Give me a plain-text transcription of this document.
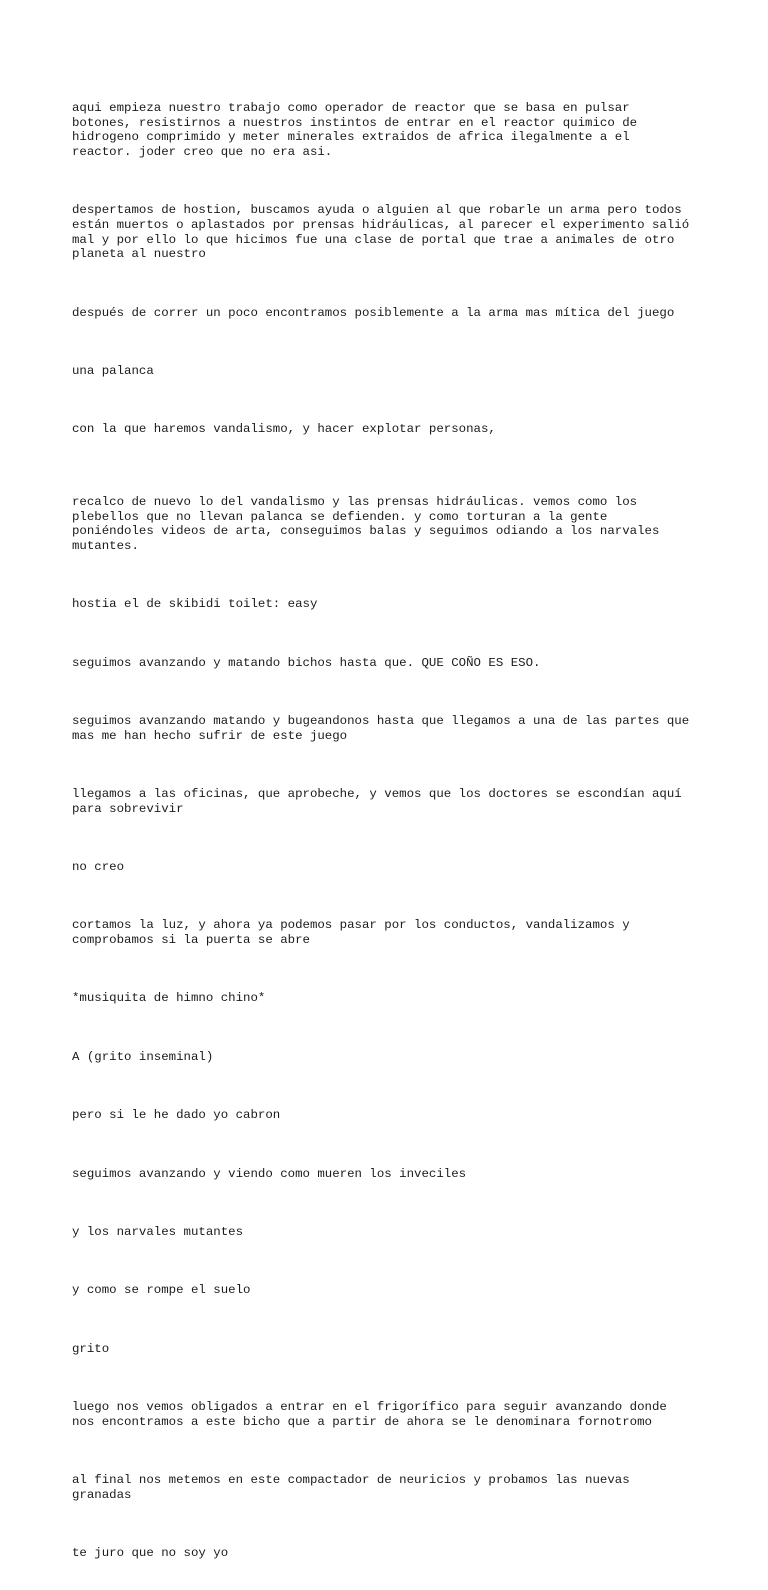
aqui empieza nuestro trabajo como operador de reactor que se basa en pulsar
botones, resistirnos a nuestros instintos de entrar en el reactor quimico de
hidrogeno comprimido y meter minerales extraidos de africa ilegalmente a el
reactor. joder creo que no era asi.

despertamos de hostion, buscamos ayuda o alguien al que robarle un arma pero todos
están muertos o aplastados por prensas hidráulicas, al parecer el experimento salió
mal y por ello lo que hicimos fue una clase de portal que trae a animales de otro
planeta al nuestro

después de correr un poco encontramos posiblemente a la arma mas mítica del juego

una palanca

con la que haremos vandalismo, y hacer explotar personas,

recalco de nuevo lo del vandalismo y las prensas hidráulicas. vemos como los
plebellos que no llevan palanca se defienden. y como torturan a la gente
poniéndoles videos de arta, conseguimos balas y seguimos odiando a los narvales
mutantes.

hostia el de skibidi toilet: easy

seguimos avanzando y matando bichos hasta que. QUE COÑO ES ESO.

seguimos avanzando matando y bugeandonos hasta que llegamos a una de las partes que
mas me han hecho sufrir de este juego

llegamos a las oficinas, que aprobeche, y vemos que los doctores se escondían aquí
para sobrevivir

no creo

cortamos la luz, y ahora ya podemos pasar por los conductos, vandalizamos y
comprobamos si la puerta se abre

*musiquita de himno chino*

A (grito inseminal)

pero si le he dado yo cabron

seguimos avanzando y viendo como mueren los inveciles

y los narvales mutantes

y como se rompe el suelo

grito

luego nos vemos obligados a entrar en el frigorífico para seguir avanzando donde
nos encontramos a este bicho que a partir de ahora se le denominara fornotromo

al final nos metemos en este compactador de neuricios y probamos las nuevas
granadas

te juro que no soy yo
